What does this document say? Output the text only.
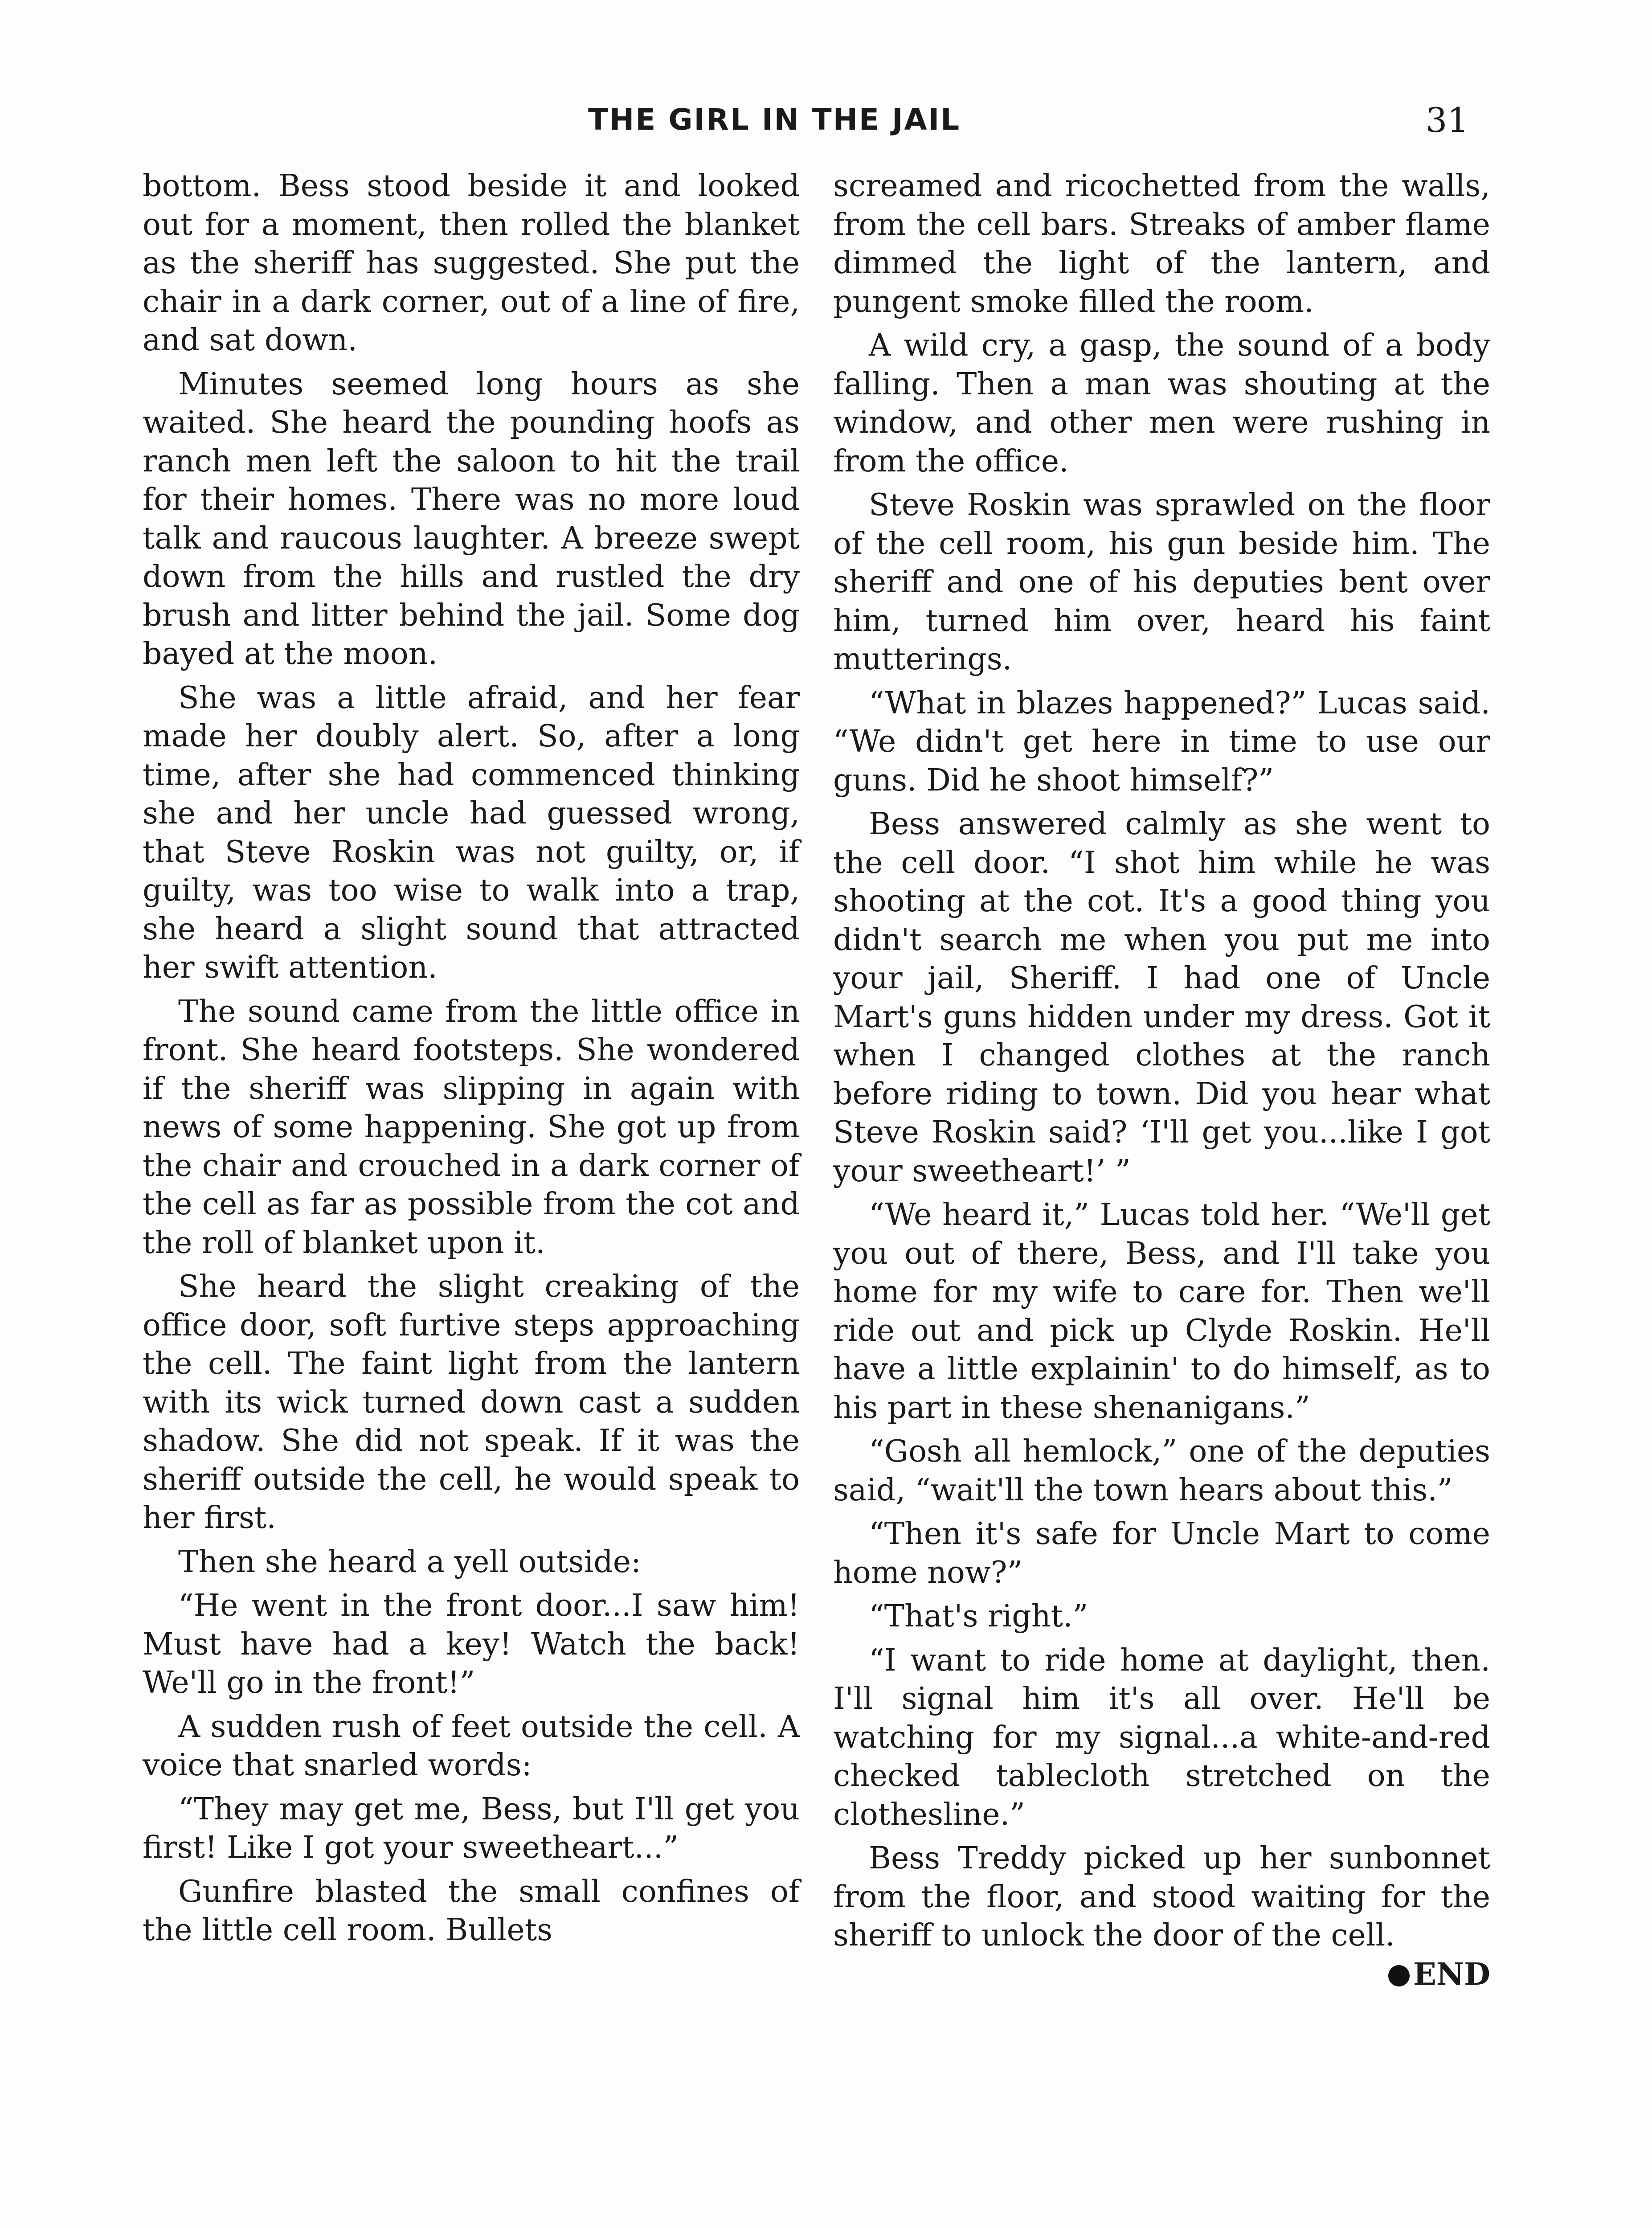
THE GIRL IN THE JAIL	31

bottom. Bess stood beside it and looked out for a moment, then rolled the blanket as the sheriff has suggested. She put the chair in a dark corner, out of a line of fire, and sat down.

Minutes seemed long hours as she waited. She heard the pounding hoofs as ranch men left the saloon to hit the trail for their homes. There was no more loud talk and raucous laughter. A breeze swept down from the hills and rustled the dry brush and litter behind the jail. Some dog bayed at the moon.

She was a little afraid, and her fear made her doubly alert. So, after a long time, after she had commenced thinking she and her uncle had guessed wrong, that Steve Roskin was not guilty, or, if guilty, was too wise to walk into a trap, she heard a slight sound that attracted her swift attention.

The sound came from the little office in front. She heard footsteps. She wondered if the sheriff was slipping in again with news of some happening. She got up from the chair and crouched in a dark corner of the cell as far as possible from the cot and the roll of blanket upon it.

She heard the slight creaking of the office door, soft furtive steps approaching the cell. The faint light from the lantern with its wick turned down cast a sudden shadow. She did not speak. If it was the sheriff outside the cell, he would speak to her first.

Then she heard a yell outside:

“He went in the front door...I saw him! Must have had a key! Watch the back! We'll go in the front!”

A sudden rush of feet outside the cell. A voice that snarled words:

“They may get me, Bess, but I'll get you first! Like I got your sweetheart...”

Gunfire blasted the small confines of the little cell room. Bullets

screamed and ricochetted from the walls, from the cell bars. Streaks of amber flame dimmed the light of the lantern, and pungent smoke filled the room.

A wild cry, a gasp, the sound of a body falling. Then a man was shouting at the window, and other men were rushing in from the office.

Steve Roskin was sprawled on the floor of the cell room, his gun beside him. The sheriff and one of his deputies bent over him, turned him over, heard his faint mutterings.

“What in blazes happened?” Lucas said. “We didn't get here in time to use our guns. Did he shoot himself?”

Bess answered calmly as she went to the cell door. “I shot him while he was shooting at the cot. It's a good thing you didn't search me when you put me into your jail, Sheriff. I had one of Uncle Mart's guns hidden under my dress. Got it when I changed clothes at the ranch before riding to town. Did you hear what Steve Roskin said? ‘I'll get you...like I got your sweetheart!’ ”

“We heard it,” Lucas told her. “We'll get you out of there, Bess, and I'll take you home for my wife to care for. Then we'll ride out and pick up Clyde Roskin. He'll have a little explainin' to do himself, as to his part in these shenanigans.”

“Gosh all hemlock,” one of the deputies said, “wait'll the town hears about this.”

“Then it's safe for Uncle Mart to come home now?”

“That's right.”

“I want to ride home at daylight, then. I'll signal him it's all over. He'll be watching for my signal...a white-and-red checked tablecloth stretched on the clothesline.”

Bess Treddy picked up her sunbonnet from the floor, and stood waiting for the sheriff to unlock the door of the cell.
END
